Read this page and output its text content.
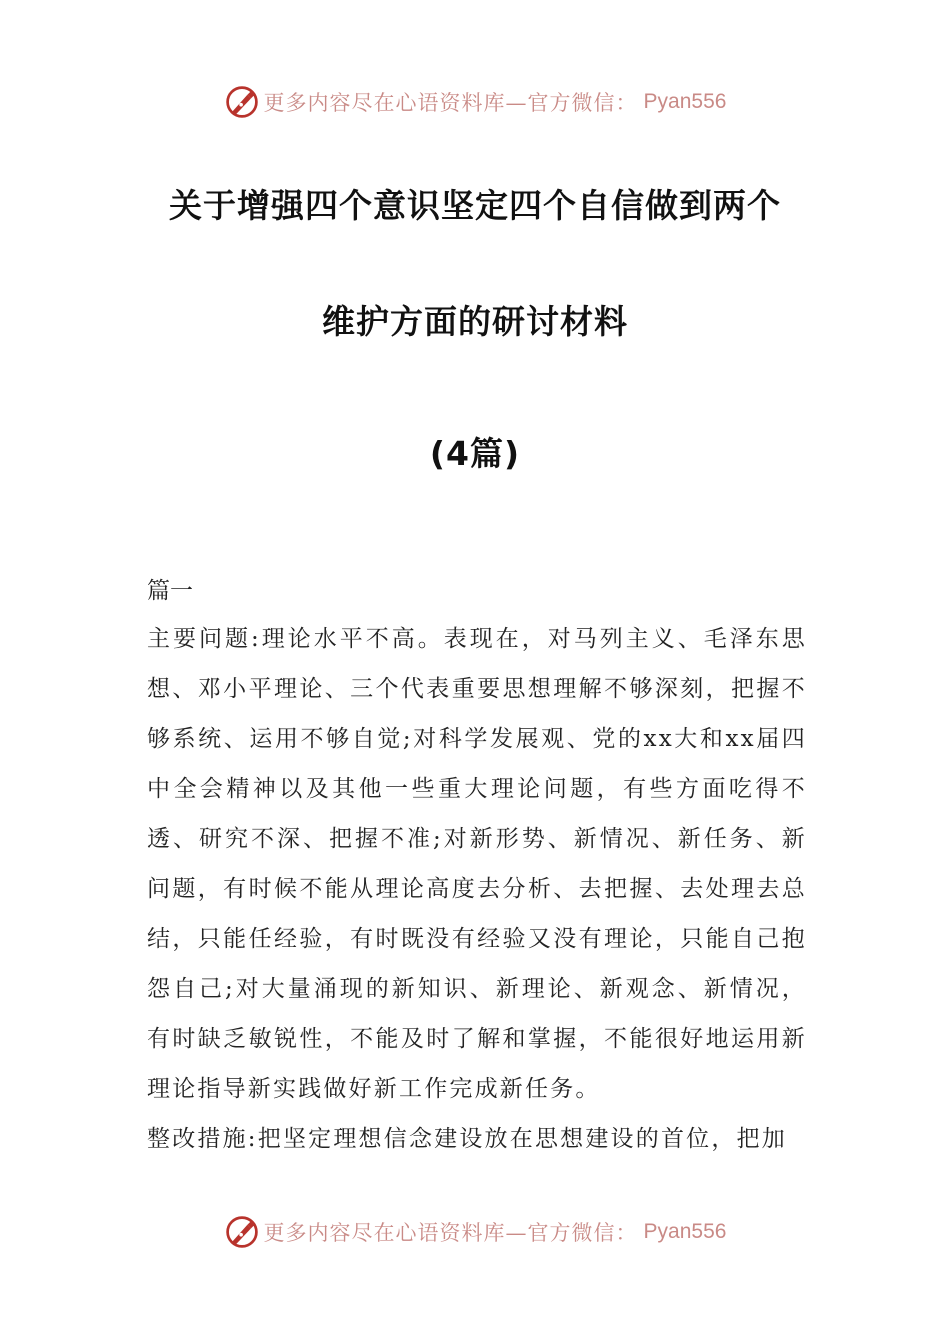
更多内容尽在心语资料库—官方微信： Pyan556
关于增强四个意识坚定四个自信做到两个
维护方面的研讨材料
(4篇)
篇一

主要问题:理论水平不高。表现在，对马列主义、毛泽东思想、邓小平理论、三个代表重要思想理解不够深刻，把握不够系统、运用不够自觉;对科学发展观、党的xx大和xx届四中全会精神以及其他一些重大理论问题，有些方面吃得不透、研究不深、把握不准;对新形势、新情况、新任务、新问题，有时候不能从理论高度去分析、去把握、去处理去总结，只能任经验，有时既没有经验又没有理论，只能自己抱怨自己;对大量涌现的新知识、新理论、新观念、新情况，有时缺乏敏锐性，不能及时了解和掌握，不能很好地运用新理论指导新实践做好新工作完成新任务。

整改措施:把坚定理想信念建设放在思想建设的首位，把加

更多内容尽在心语资料库—官方微信： Pyan556
